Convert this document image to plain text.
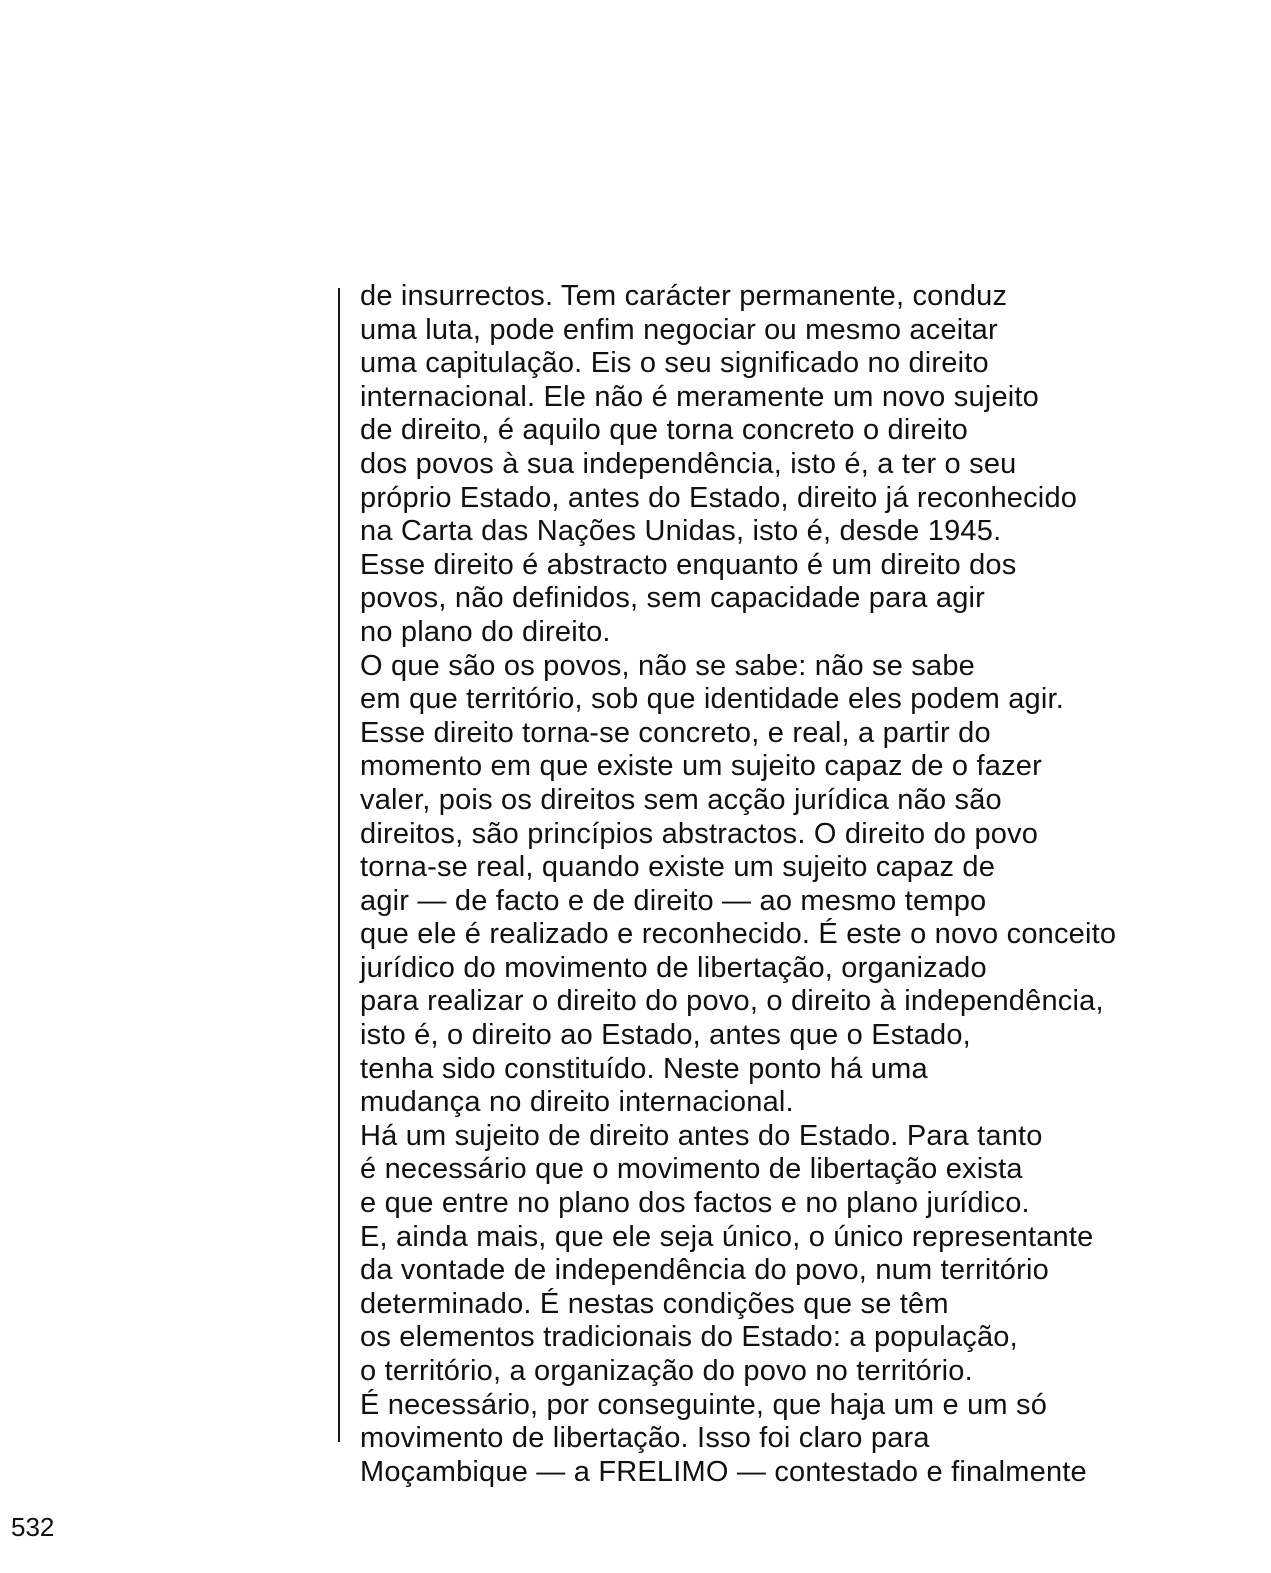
de insurrectos. Tem carácter permanente, conduz
uma luta, pode enfim negociar ou mesmo aceitar
uma capitulação. Eis o seu significado no direito
internacional. Ele não é meramente um novo sujeito
de direito, é aquilo que torna concreto o direito
dos povos à sua independência, isto é, a ter o seu
próprio Estado, antes do Estado, direito já reconhecido
na Carta das Nações Unidas, isto é, desde 1945.
Esse direito é abstracto enquanto é um direito dos
povos, não definidos, sem capacidade para agir
no plano do direito.
O que são os povos, não se sabe: não se sabe
em que território, sob que identidade eles podem agir.
Esse direito torna-se concreto, e real, a partir do
momento em que existe um sujeito capaz de o fazer
valer, pois os direitos sem acção jurídica não são
direitos, são princípios abstractos. O direito do povo
torna-se real, quando existe um sujeito capaz de
agir — de facto e de direito — ao mesmo tempo
que ele é realizado e reconhecido. É este o novo conceito
jurídico do movimento de libertação, organizado
para realizar o direito do povo, o direito à independência,
isto é, o direito ao Estado, antes que o Estado,
tenha sido constituído. Neste ponto há uma
mudança no direito internacional.
Há um sujeito de direito antes do Estado. Para tanto
é necessário que o movimento de libertação exista
e que entre no plano dos factos e no plano jurídico.
E, ainda mais, que ele seja único, o único representante
da vontade de independência do povo, num território
determinado. É nestas condições que se têm
os elementos tradicionais do Estado: a população,
o território, a organização do povo no território.
É necessário, por conseguinte, que haja um e um só
movimento de libertação. Isso foi claro para
Moçambique — a FRELIMO — contestado e finalmente
532
